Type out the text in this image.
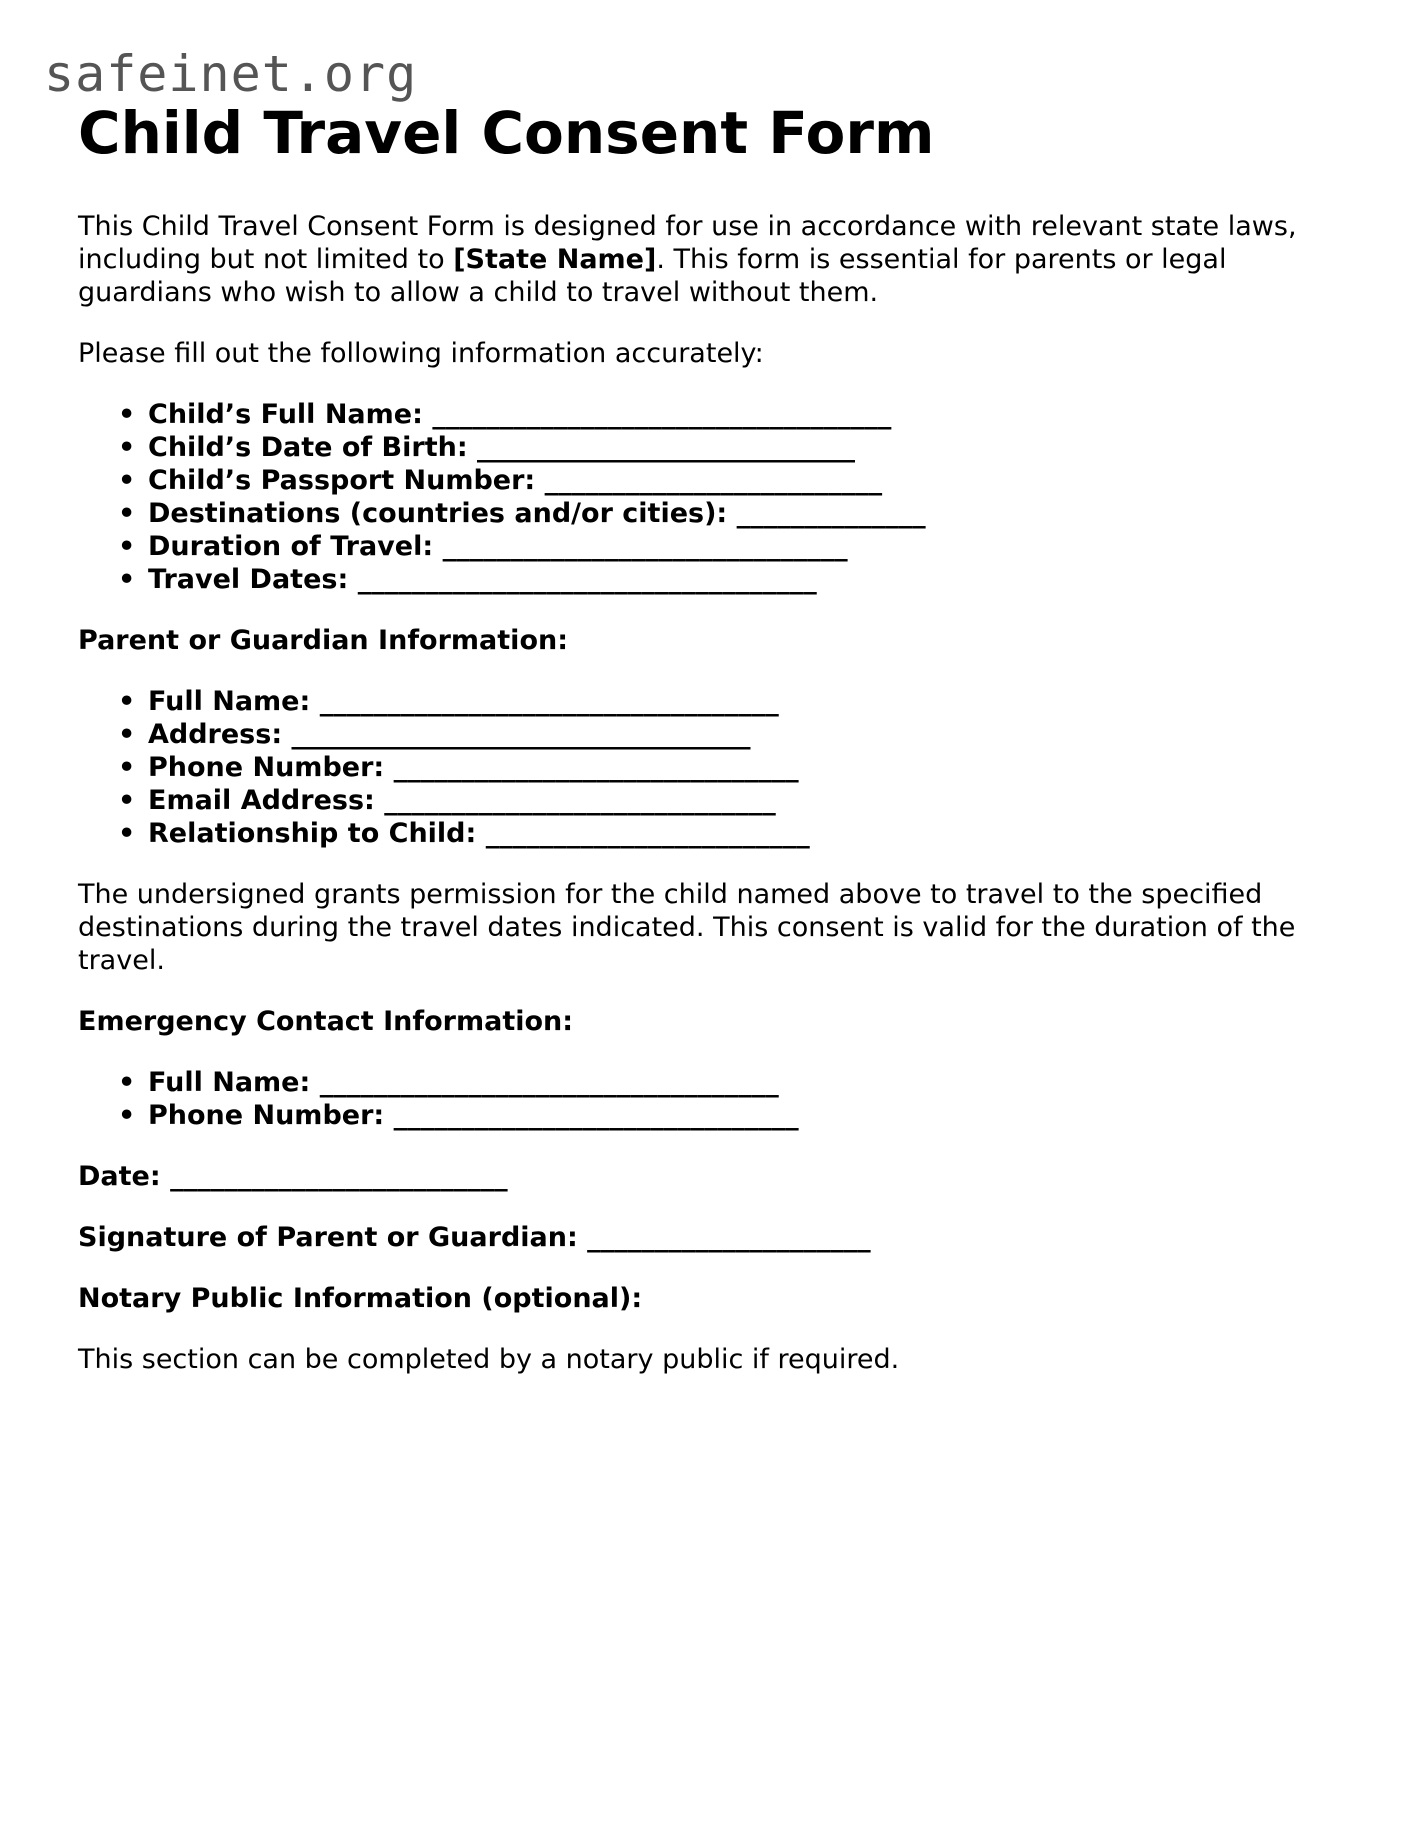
safeinet.org
Child Travel Consent Form

This Child Travel Consent Form is designed for use in accordance with relevant state laws, including but not limited to [State Name]. This form is essential for parents or legal guardians who wish to allow a child to travel without them.

Please fill out the following information accurately:

• Child’s Full Name: __________________________________
• Child’s Date of Birth: ____________________________
• Child’s Passport Number: _________________________
• Destinations (countries and/or cities): ______________
• Duration of Travel: ______________________________
• Travel Dates: __________________________________

Parent or Guardian Information:

• Full Name: __________________________________
• Address: __________________________________
• Phone Number: ______________________________
• Email Address: _____________________________
• Relationship to Child: ________________________

The undersigned grants permission for the child named above to travel to the specified destinations during the travel dates indicated. This consent is valid for the duration of the travel.

Emergency Contact Information:

• Full Name: __________________________________
• Phone Number: ______________________________

Date: _________________________

Signature of Parent or Guardian: _____________________

Notary Public Information (optional):

This section can be completed by a notary public if required.
